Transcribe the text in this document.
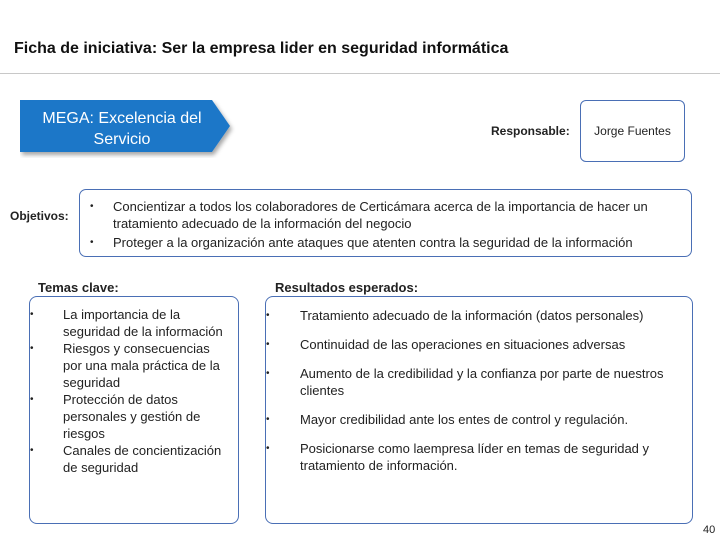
Ficha de iniciativa: Ser la empresa lider en seguridad informática
MEGA: Excelencia del
Servicio	Responsable: Jorge Fuentes
Objetivos:
• Concientizar a todos los colaboradores de Certicámara acerca de la importancia de hacer un tratamiento adecuado de la información del negocio
• Proteger a la organización ante ataques que atenten contra la seguridad de la información
Temas clave:
• La importancia de la seguridad de la información
• Riesgos y consecuencias por una mala práctica de la seguridad
• Protección de datos personales y gestión de riesgos
• Canales de concientización de seguridad
Resultados esperados:
• Tratamiento adecuado de la información (datos personales)
• Continuidad de las operaciones en situaciones adversas
• Aumento de la credibilidad y la confianza por parte de nuestros clientes
• Mayor credibilidad ante los entes de control y regulación.
• Posicionarse como laempresa líder en temas de seguridad y tratamiento de información.
40
